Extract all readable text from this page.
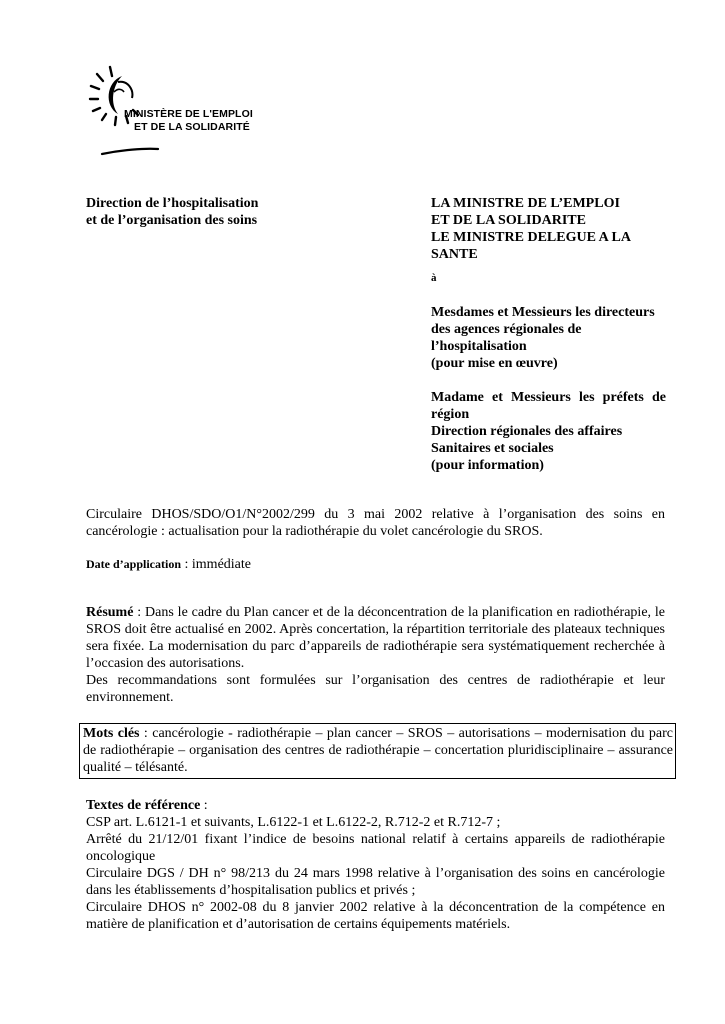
MINISTÈRE DE L'EMPLOI
ET DE LA SOLIDARITÉ
Direction de l’hospitalisation
et de l’organisation des soins
LA MINISTRE DE L’EMPLOI
ET DE LA SOLIDARITE
LE MINISTRE DELEGUE A LA
SANTE
à
Mesdames et Messieurs les directeurs
des agences régionales de
l’hospitalisation
(pour mise en œuvre)
Madame et Messieurs les préfets de région
Direction régionales des affaires
Sanitaires et sociales
(pour information)
Circulaire DHOS/SDO/O1/N°2002/299 du 3 mai 2002 relative à l’organisation des soins en cancérologie : actualisation pour la radiothérapie du volet cancérologie du SROS.
Date d’application : immédiate
Résumé : Dans le cadre du Plan cancer et de la déconcentration de la planification en radiothérapie, le SROS doit être actualisé en 2002. Après concertation, la répartition territoriale des plateaux techniques sera fixée. La modernisation du parc d’appareils de radiothérapie sera systématiquement recherchée à l’occasion des autorisations.
Des recommandations sont formulées sur l’organisation des centres de radiothérapie et leur environnement.
Mots clés : cancérologie - radiothérapie – plan cancer – SROS – autorisations – modernisation du parc de radiothérapie – organisation des centres de radiothérapie – concertation pluridisciplinaire – assurance qualité – télésanté.
Textes de référence :
CSP art. L.6121-1 et suivants, L.6122-1 et L.6122-2, R.712-2 et R.712-7 ;
Arrêté du 21/12/01 fixant l’indice de besoins national relatif à certains appareils de radiothérapie oncologique
Circulaire DGS / DH n° 98/213 du 24 mars 1998 relative à l’organisation des soins en cancérologie dans les établissements d’hospitalisation publics et privés ;
Circulaire DHOS n° 2002-08 du 8 janvier 2002 relative à la déconcentration de la compétence en matière de planification et d’autorisation de certains équipements matériels.
